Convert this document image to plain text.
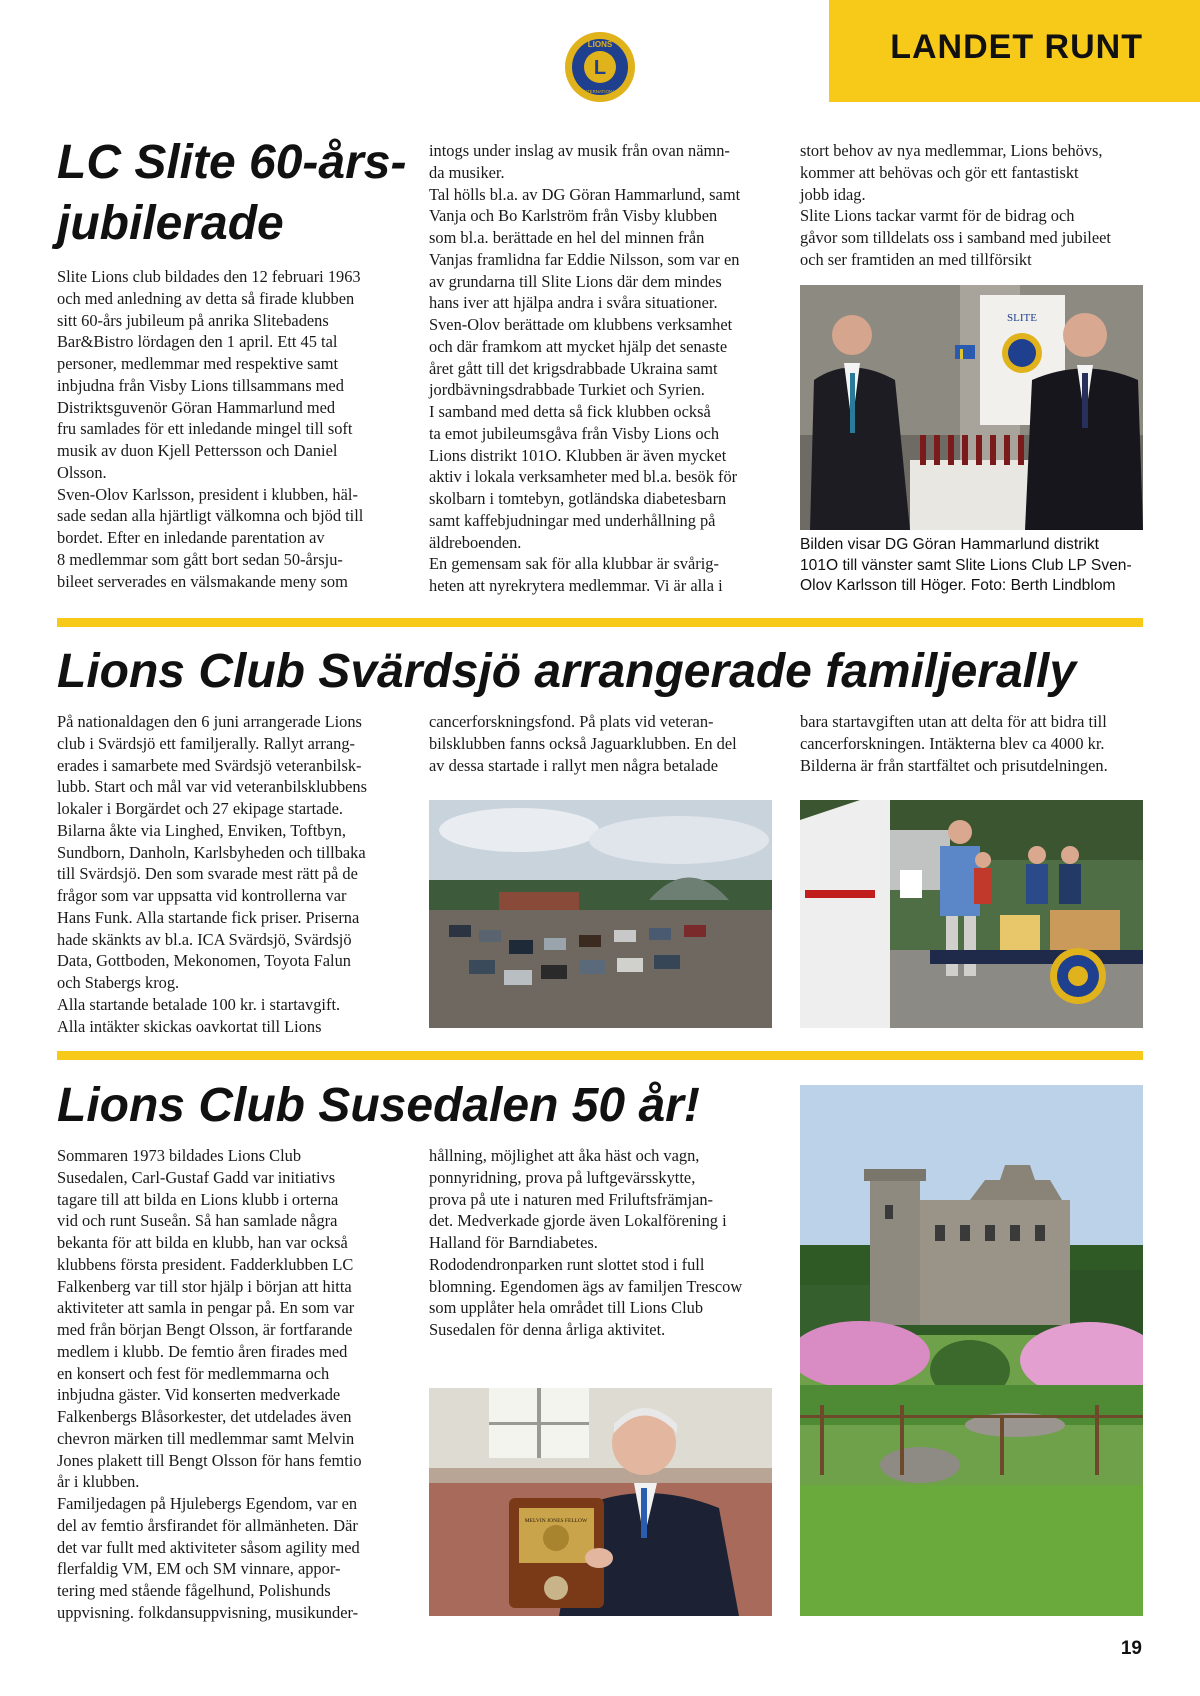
LANDET RUNT
L
LIONS
INTERNATIONAL
LC Slite 60-års-
jubilerade

Slite Lions club bildades den 12 februari 1963

och med anledning av detta så firade klubben

sitt 60-års jubileum på anrika Slitebadens

Bar&Bistro lördagen den 1 april. Ett 45 tal

personer, medlemmar med respektive samt

inbjudna från Visby Lions tillsammans med

Distriktsguvenör Göran Hammarlund med

fru samlades för ett inledande mingel till soft

musik av duon Kjell Pettersson och Daniel

Olsson.

Sven-Olov Karlsson, president i klubben, häl-

sade sedan alla hjärtligt välkomna och bjöd till

bordet. Efter en inledande parentation av

8 medlemmar som gått bort sedan 50-årsju-

bileet serverades en välsmakande meny som

intogs under inslag av musik från ovan nämn-

da musiker.

Tal hölls bl.a. av DG Göran Hammarlund, samt

Vanja och Bo Karlström från Visby klubben

som bl.a. berättade en hel del minnen från

Vanjas framlidna far Eddie Nilsson, som var en

av grundarna till Slite Lions där dem mindes

hans iver att hjälpa andra i svåra situationer.

Sven-Olov berättade om klubbens verksamhet

och där framkom att mycket hjälp det senaste

året gått till det krigsdrabbade Ukraina samt

jordbävningsdrabbade Turkiet och Syrien.

I samband med detta så fick klubben också

ta emot jubileumsgåva från Visby Lions och

Lions distrikt 101O. Klubben är även mycket

aktiv i lokala verksamheter med bl.a. besök för

skolbarn i tomtebyn, gotländska diabetesbarn

samt kaffebjudningar med underhållning på

äldreboenden.

En gemensam sak för alla klubbar är svårig-

heten att nyrekrytera medlemmar. Vi är alla i

stort behov av nya medlemmar, Lions behövs,

kommer att behövas och gör ett fantastiskt

jobb idag.

Slite Lions tackar varmt för de bidrag och

gåvor som tilldelats oss i samband med jubileet

och ser framtiden an med tillförsikt

SLITE

Bilden visar DG Göran Hammarlund distrikt

101O till vänster samt Slite Lions Club LP Sven-

Olov Karlsson till Höger. Foto: Berth Lindblom

Lions Club Svärdsjö arrangerade familjerally

På nationaldagen den 6 juni arrangerade Lions

club i Svärdsjö ett familjerally. Rallyt arrang-

erades i samarbete med Svärdsjö veteranbilsk-

lubb. Start och mål var vid veteranbilsklubbens

lokaler i Borgärdet och 27 ekipage startade.

Bilarna åkte via Linghed, Enviken, Toftbyn,

Sundborn, Danholn, Karlsbyheden och tillbaka

till Svärdsjö. Den som svarade mest rätt på de

frågor som var uppsatta vid kontrollerna var

Hans Funk. Alla startande fick priser. Priserna

hade skänkts av bl.a. ICA Svärdsjö, Svärdsjö

Data, Gottboden, Mekonomen, Toyota Falun

och Stabergs krog.

Alla startande betalade 100 kr. i startavgift.

Alla intäkter skickas oavkortat till Lions

cancerforskningsfond. På plats vid veteran-

bilsklubben fanns också Jaguarklubben. En del

av dessa startade i rallyt men några betalade

bara startavgiften utan att delta för att bidra till

cancerforskningen. Intäkterna blev ca 4000 kr.

Bilderna är från startfältet och prisutdelningen.

Lions Club Susedalen 50 år!

Sommaren 1973 bildades Lions Club

Susedalen, Carl-Gustaf Gadd var initiativs

tagare till att bilda en Lions klubb i orterna

vid och runt Suseån. Så han samlade några

bekanta för att bilda en klubb, han var också

klubbens första president. Fadderklubben LC

Falkenberg var till stor hjälp i början att hitta

aktiviteter att samla in pengar på. En som var

med från början Bengt Olsson, är fortfarande

medlem i klubb. De femtio åren firades med

en konsert och fest för medlemmarna och

inbjudna gäster. Vid konserten medverkade

Falkenbergs Blåsorkester, det utdelades även

chevron märken till medlemmar samt Melvin

Jones plakett till Bengt Olsson för hans femtio

år i klubben.

Familjedagen på Hjulebergs Egendom, var en

del av femtio årsfirandet för allmänheten. Där

det var fullt med aktiviteter såsom agility med

flerfaldig VM, EM och SM vinnare, appor-

tering med stående fågelhund, Polishunds

uppvisning. folkdansuppvisning, musikunder-

hållning, möjlighet att åka häst och vagn,

ponnyridning, prova på luftgevärsskytte,

prova på ute i naturen med Friluftsfrämjan-

det. Medverkade gjorde även Lokalförening i

Halland för Barndiabetes.

Rododendronparken runt slottet stod i full

blomning. Egendomen ägs av familjen Trescow

som upplåter hela området till Lions Club

Susedalen för denna årliga aktivitet.

MELVIN JONES FELLOW
19
